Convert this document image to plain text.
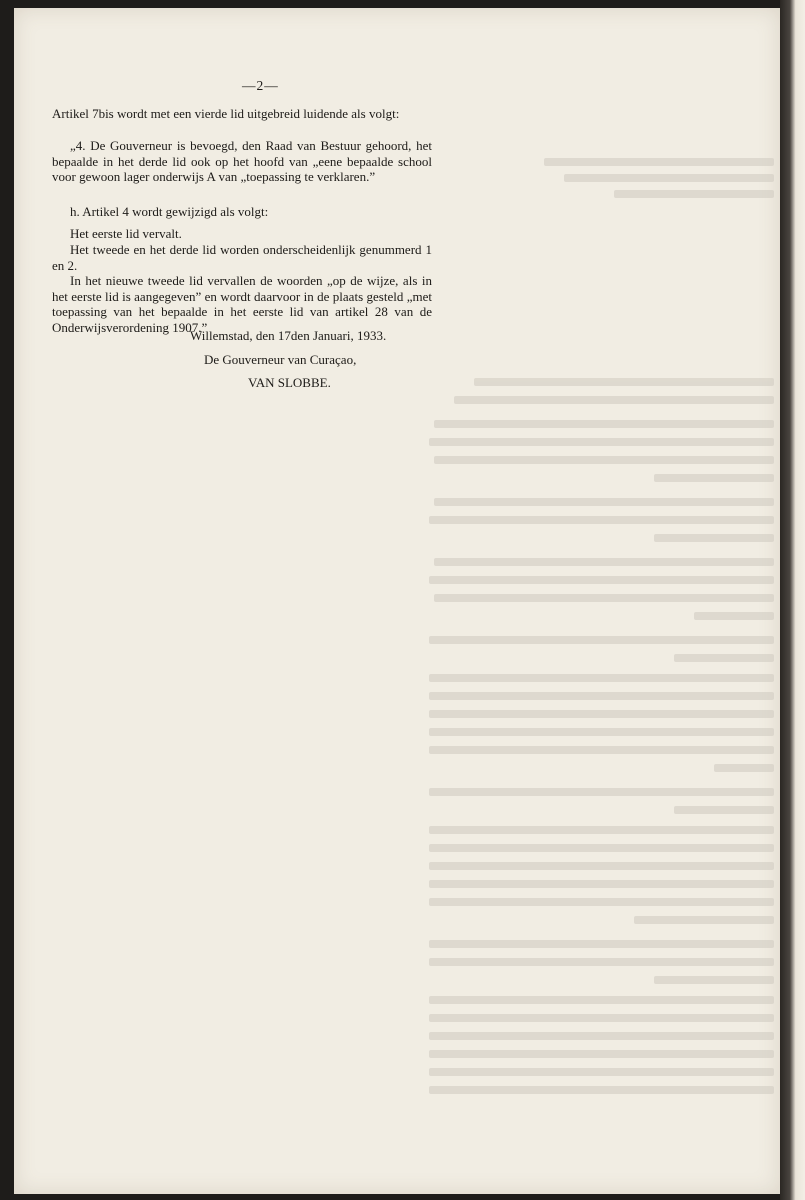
—2—

Artikel 7bis wordt met een vierde lid uitgebreid luidende als volgt:

„4. De Gouverneur is bevoegd, den Raad van Bestuur gehoord, het bepaalde in het derde lid ook op het hoofd van „eene bepaalde school voor gewoon lager onderwijs A van „toepassing te verklaren.”

h. Artikel 4 wordt gewijzigd als volgt:

Het eerste lid vervalt.

Het tweede en het derde lid worden onderscheidenlijk genummerd 1 en 2.

In het nieuwe tweede lid vervallen de woorden „op de wijze, als in het eerste lid is aangegeven” en wordt daarvoor in de plaats gesteld „met toepassing van het bepaalde in het eerste lid van artikel 28 van de Onderwijsverordening 1907.”

Willemstad, den 17den Januari, 1933.
De Gouverneur van Curaçao,
VAN SLOBBE.
